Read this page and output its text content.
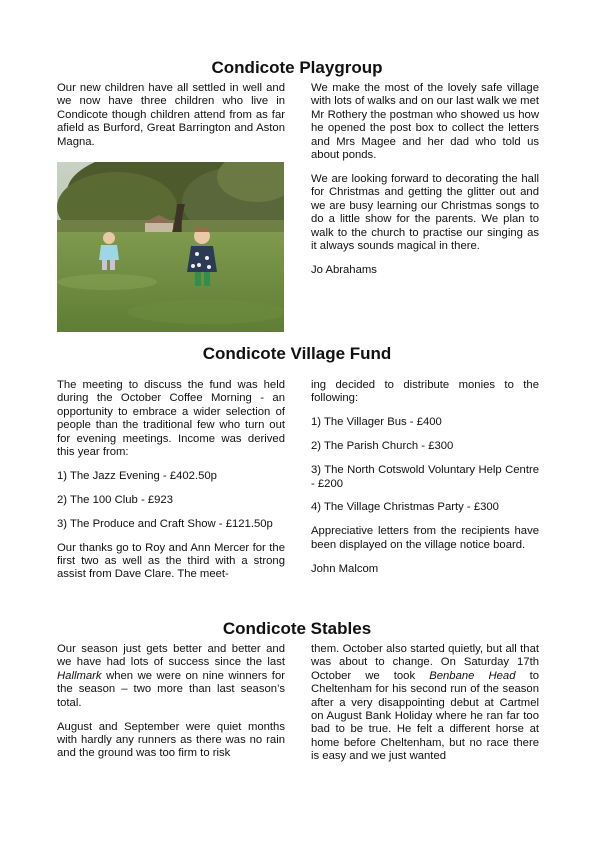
Condicote Playgroup

Our new children have all settled in well and we now have three children who live in Condicote though children attend from as far afield as Burford, Great Barrington and Aston Magna.

We make the most of the lovely safe village with lots of walks and on our last walk we met Mr Rothery the postman who showed us how he opened the post box to collect the letters and Mrs Magee and her dad who told us about ponds.

We are looking forward to decorating the hall for Christmas and getting the glitter out and we are busy learning our Christmas songs to do a little show for the parents. We plan to walk to the church to practise our singing as it always sounds magical in there.

Jo Abrahams

Condicote Village Fund

The meeting to discuss the fund was held during the October Coffee Morning - an opportunity to embrace a wider selection of people than the traditional few who turn out for evening meetings. Income was derived this year from:

1) The Jazz Evening - £402.50p

2) The 100 Club - £923

3) The Produce and Craft Show - £121.50p

Our thanks go to Roy and Ann Mercer for the first two as well as the third with a strong assist from Dave Clare. The meet-

ing decided to distribute monies to the following:

1) The Villager Bus - £400

2) The Parish Church - £300

3) The North Cotswold Voluntary Help Centre - £200

4) The Village Christmas Party - £300

Appreciative letters from the recipients have been displayed on the village notice board.

John Malcom

Condicote Stables

Our season just gets better and better and we have had lots of success since the last Hallmark when we were on nine winners for the season – two more than last season’s total.

August and September were quiet months with hardly any runners as there was no rain and the ground was too firm to risk

them. October also started quietly, but all that was about to change. On Saturday 17th October we took Benbane Head to Cheltenham for his second run of the season after a very disappointing debut at Cartmel on August Bank Holiday where he ran far too bad to be true. He felt a different horse at home before Cheltenham, but no race there is easy and we just wanted
